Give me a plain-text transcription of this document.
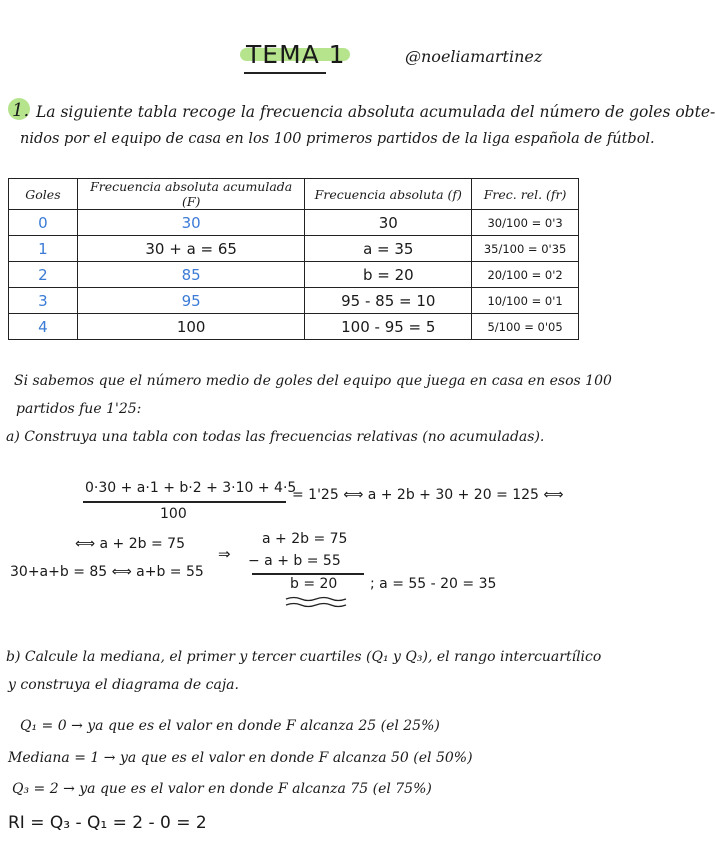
TEMA 1	@noeliamartinez
1. La siguiente tabla recoge la frecuencia absoluta acumulada del número de goles obte-
nidos por el equipo de casa en los 100 primeros partidos de la liga española de fútbol.
Goles	Frecuencia absoluta acumulada (F)	Frecuencia absoluta (f)	Frec. rel. (fr)
0	30	30	30/100 = 0'3
1	30 + a = 65	a = 35	35/100 = 0'35
2	85	b = 20	20/100 = 0'2
3	95	95 - 85 = 10	10/100 = 0'1
4	100	100 - 95 = 5	5/100 = 0'05
Si sabemos que el número medio de goles del equipo que juega en casa en esos 100
partidos fue 1'25:
a) Construya una tabla con todas las frecuencias relativas (no acumuladas).
0·30 + a·1 + b·2 + 3·10 + 4·5
100
= 1'25 ⟺ a + 2b + 30 + 20 = 125 ⟺
⟺ a + 2b = 75
⇒
30+a+b = 85 ⟺ a+b = 55
a + 2b = 75
− a + b = 55
b = 20 ; a = 55 - 20 = 35
b) Calcule la mediana, el primer y tercer cuartiles (Q₁ y Q₃), el rango intercuartílico
y construya el diagrama de caja.
Q₁ = 0 → ya que es el valor en donde F alcanza 25 (el 25%)
Mediana = 1 → ya que es el valor en donde F alcanza 50 (el 50%)
Q₃ = 2 → ya que es el valor en donde F alcanza 75 (el 75%)
RI = Q₃ - Q₁ = 2 - 0 = 2
